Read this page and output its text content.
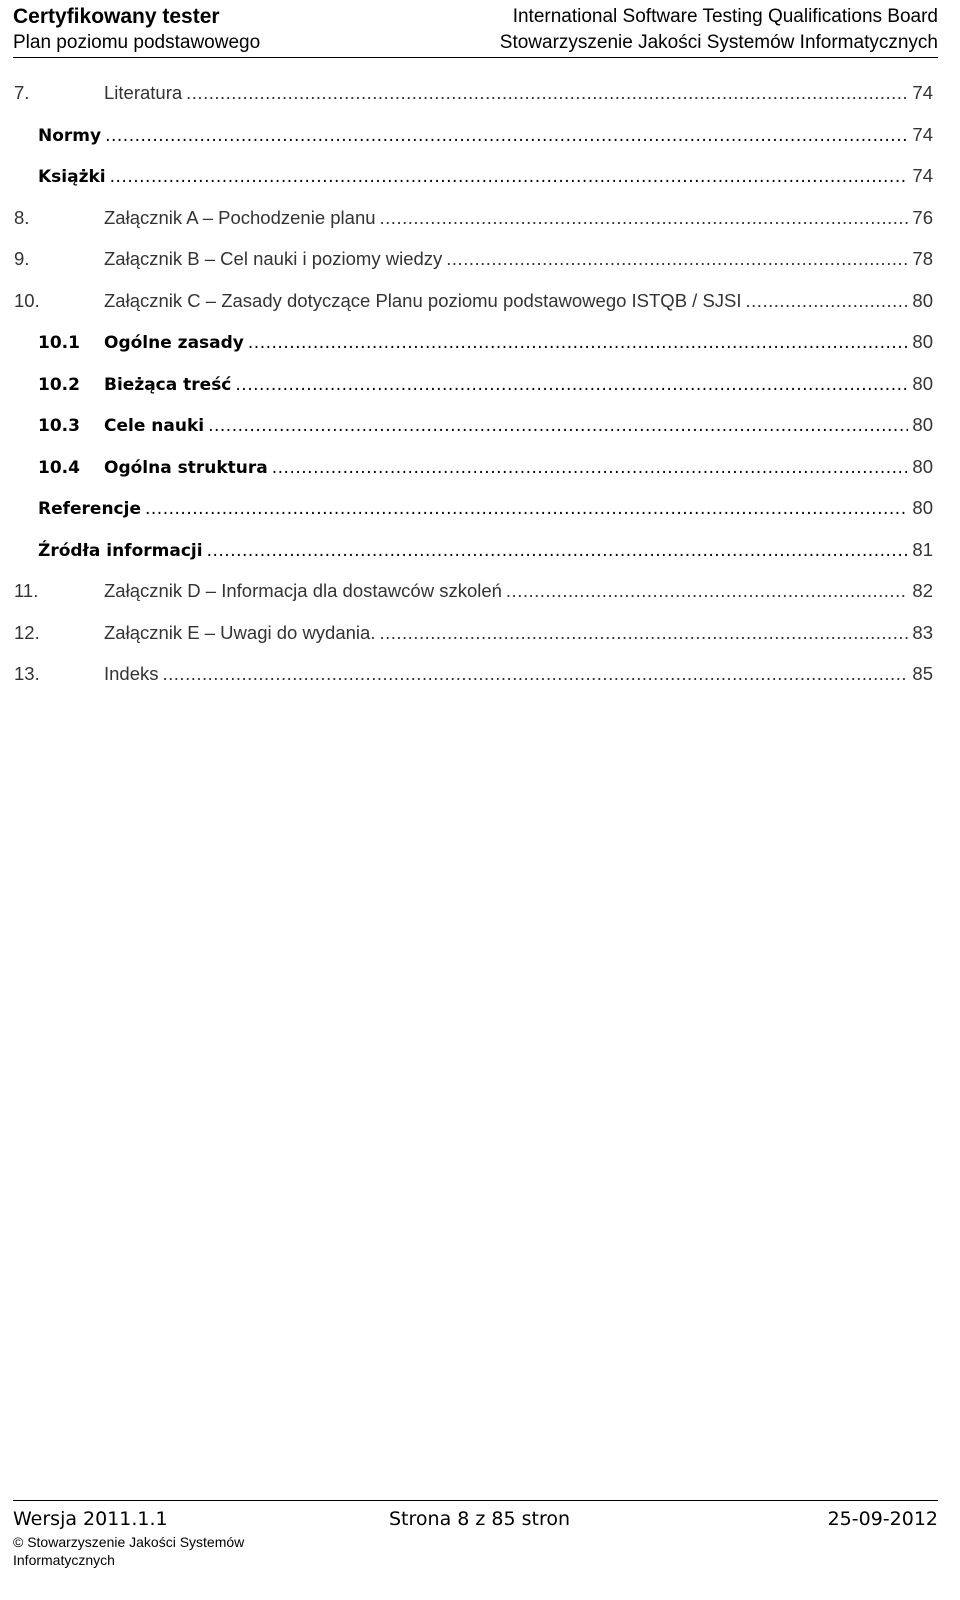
Certyfikowany tester
Plan poziomu podstawowego
International Software Testing Qualifications Board
Stowarzyszenie Jakości Systemów Informatycznych
7.	Literatura .....	74
Normy .....	74
Książki .....	74
8.	Załącznik A – Pochodzenie planu .....	76
9.	Załącznik B – Cel nauki i poziomy wiedzy .....	78
10.	Załącznik C – Zasady dotyczące Planu poziomu podstawowego ISTQB / SJSI .....	80
10.1	Ogólne zasady .....	80
10.2	Bieżąca treść .....	80
10.3	Cele nauki .....	80
10.4	Ogólna struktura .....	80
Referencje .....	80
Źródła informacji .....	81
11.	Załącznik D – Informacja dla dostawców szkoleń .....	82
12.	Załącznik E – Uwagi do wydania. .....	83
13.	Indeks .....	85
Wersja 2011.1.1	Strona 8 z 85 stron	25-09-2012
© Stowarzyszenie Jakości Systemów Informatycznych
